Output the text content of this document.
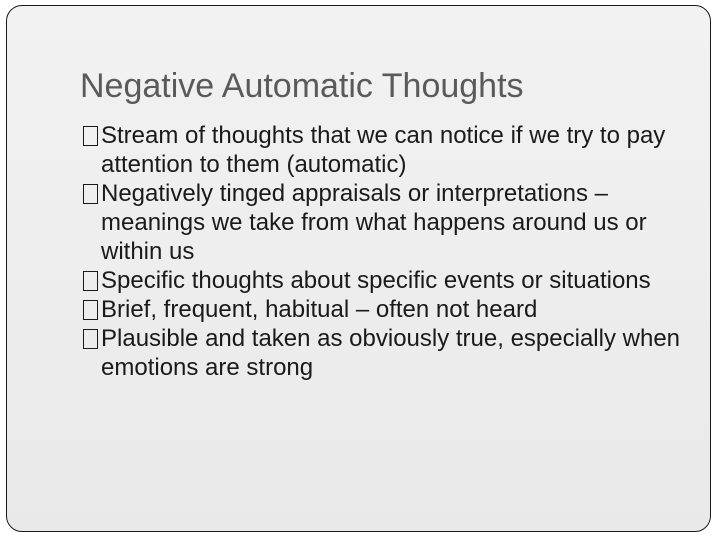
Negative Automatic Thoughts
Stream of thoughts that we can notice if we try to pay attention to them (automatic)
Negatively tinged appraisals or interpretations – meanings we take from what happens around us or within us
Specific thoughts about specific events or situations
Brief, frequent, habitual – often not heard
Plausible and taken as obviously true, especially when emotions are strong
